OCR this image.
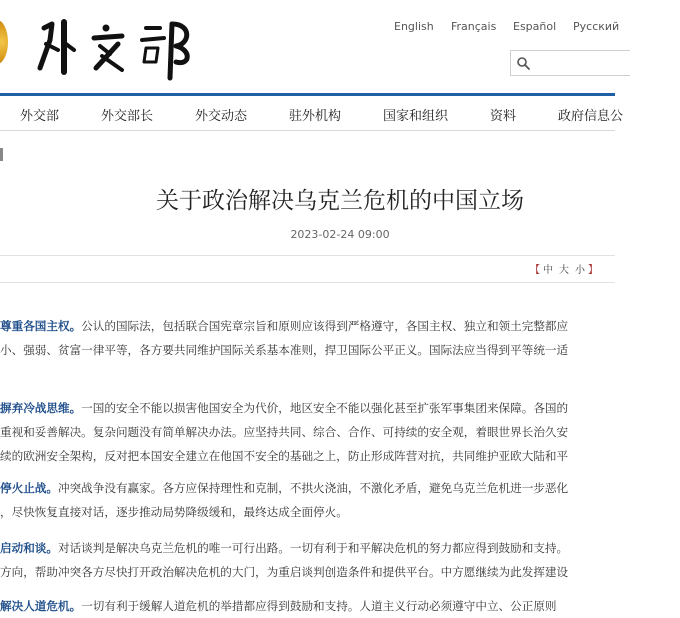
English Français Español Русский
外交部	外交部长	外交动态	驻外机构	国家和组织	资料	政府信息公
关于政治解决乌克兰危机的中国立场
2023-02-24 09:00
【 中 大 小 】
尊重各国主权。公认的国际法，包括联合国宪章宗旨和原则应该得到严格遵守，各国主权、独立和领土完整都应
小、强弱、贫富一律平等，各方要共同维护国际关系基本准则，捍卫国际公平正义。国际法应当得到平等统一适
摒弃冷战思维。一国的安全不能以损害他国安全为代价，地区安全不能以强化甚至扩张军事集团来保障。各国的
重视和妥善解决。复杂问题没有简单解决办法。应坚持共同、综合、合作、可持续的安全观，着眼世界长治久安
续的欧洲安全架构，反对把本国安全建立在他国不安全的基础之上，防止形成阵营对抗，共同维护亚欧大陆和平
停火止战。冲突战争没有赢家。各方应保持理性和克制，不拱火浇油，不激化矛盾，避免乌克兰危机进一步恶化
，尽快恢复直接对话，逐步推动局势降级缓和，最终达成全面停火。
启动和谈。对话谈判是解决乌克兰危机的唯一可行出路。一切有利于和平解决危机的努力都应得到鼓励和支持。
方向，帮助冲突各方尽快打开政治解决危机的大门，为重启谈判创造条件和提供平台。中方愿继续为此发挥建设
解决人道危机。一切有利于缓解人道危机的举措都应得到鼓励和支持。人道主义行动必须遵守中立、公正原则
